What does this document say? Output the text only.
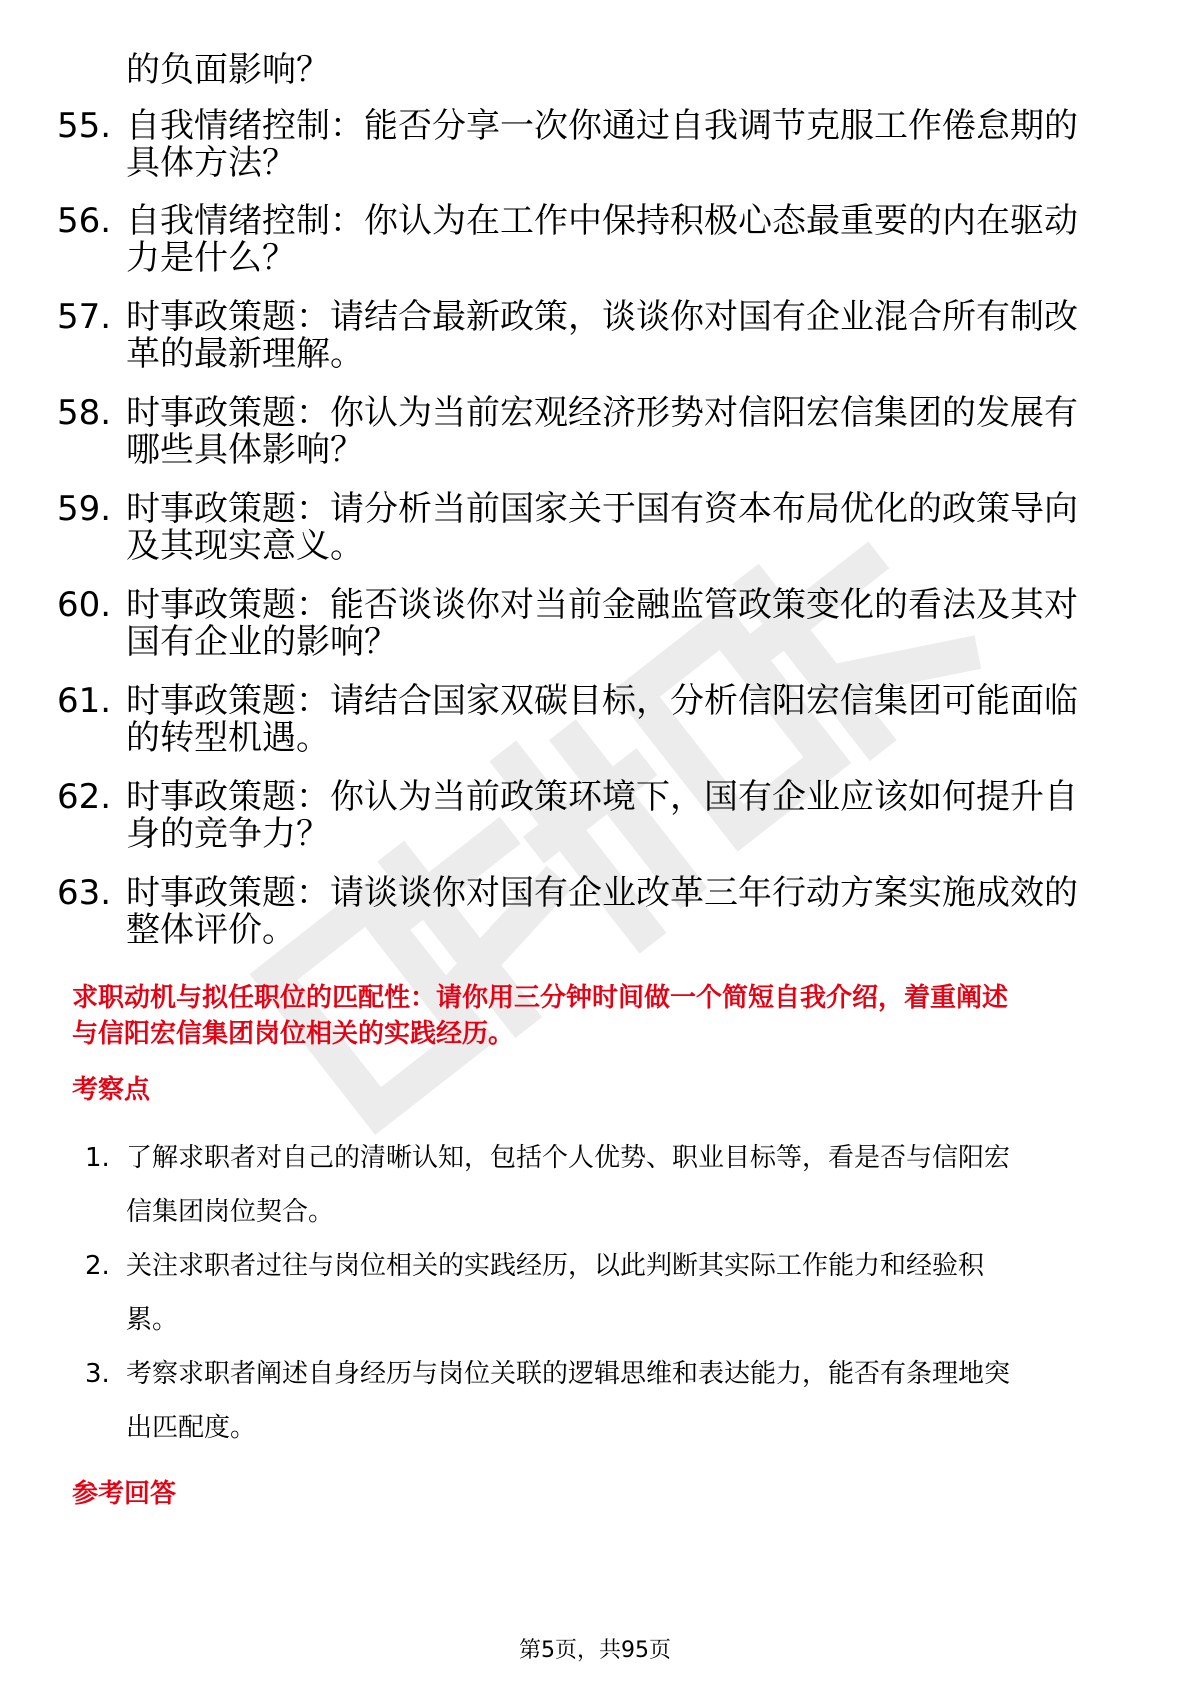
的负面影响？
55. 自我情绪控制：能否分享一次你通过自我调节克服工作倦怠期的
具体方法？
56. 自我情绪控制：你认为在工作中保持积极心态最重要的内在驱动
力是什么？
57. 时事政策题：请结合最新政策，谈谈你对国有企业混合所有制改
革的最新理解。
58. 时事政策题：你认为当前宏观经济形势对信阳宏信集团的发展有
哪些具体影响？
59. 时事政策题：请分析当前国家关于国有资本布局优化的政策导向
及其现实意义。
60. 时事政策题：能否谈谈你对当前金融监管政策变化的看法及其对
国有企业的影响？
61. 时事政策题：请结合国家双碳目标，分析信阳宏信集团可能面临
的转型机遇。
62. 时事政策题：你认为当前政策环境下，国有企业应该如何提升自
身的竞争力？
63. 时事政策题：请谈谈你对国有企业改革三年行动方案实施成效的
整体评价。
求职动机与拟任职位的匹配性：请你用三分钟时间做一个简短自我介绍，着重阐述
与信阳宏信集团岗位相关的实践经历。
考察点
1. 了解求职者对自己的清晰认知，包括个人优势、职业目标等，看是否与信阳宏
信集团岗位契合。
2. 关注求职者过往与岗位相关的实践经历，以此判断其实际工作能力和经验积
累。
3. 考察求职者阐述自身经历与岗位关联的逻辑思维和表达能力，能否有条理地突
出匹配度。
参考回答
第5页，共95页
